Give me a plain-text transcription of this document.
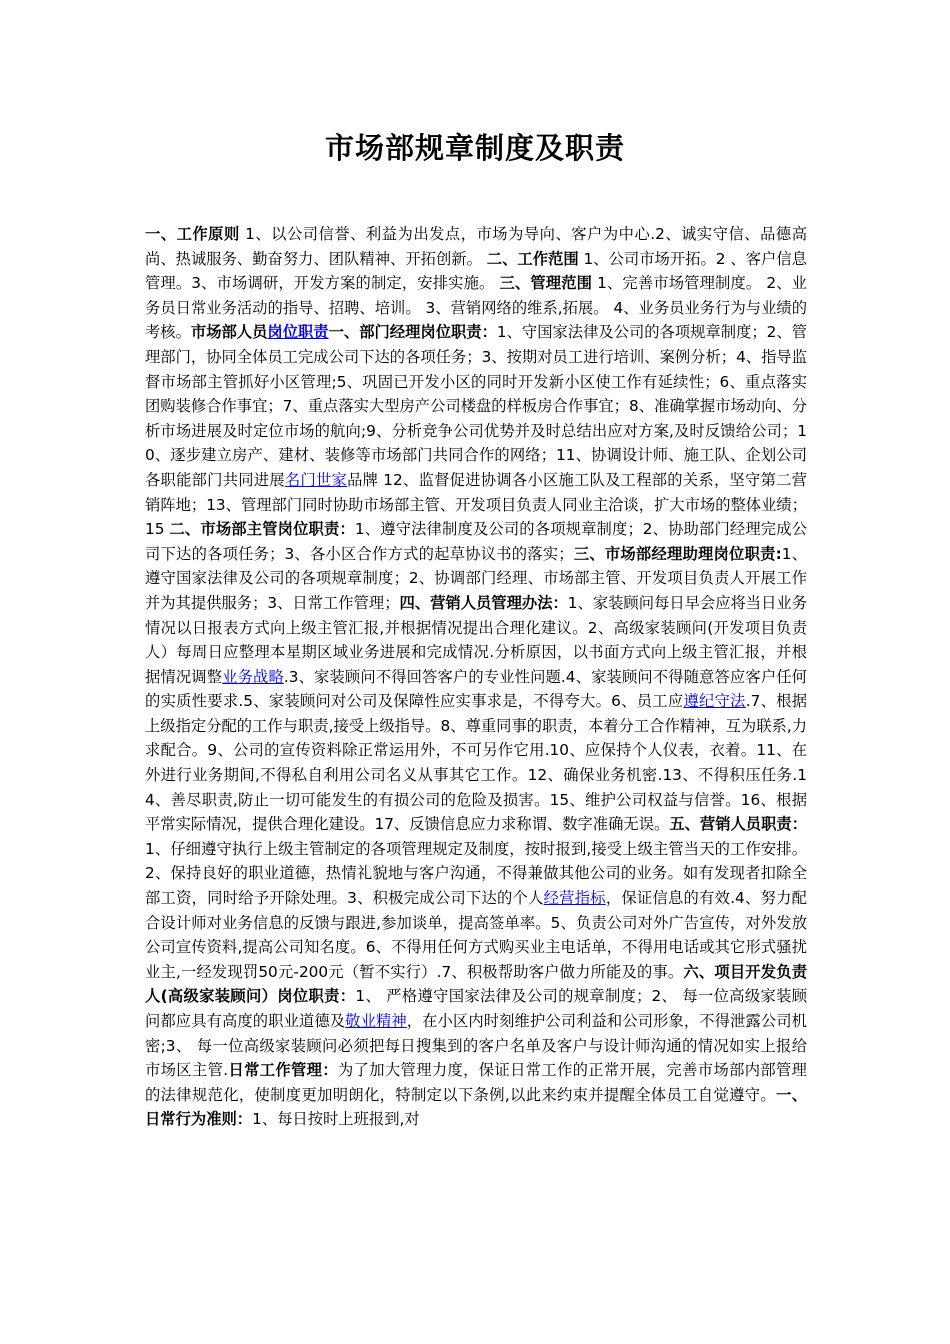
市场部规章制度及职责

一、工作原则 1、以公司信誉、利益为出发点，市场为导向、客户为中心.2、诚实守信、品德高尚、热诚服务、勤奋努力、团队精神、开拓创新。 二、工作范围 1、公司市场开拓。2 、客户信息管理。3、市场调研，开发方案的制定，安排实施。 三、管理范围 1、完善市场管理制度。 2、业务员日常业务活动的指导、招聘、培训。 3、营销网络的维系,拓展。 4、业务员业务行为与业绩的考核。市场部人员岗位职责一、部门经理岗位职责：1、守国家法律及公司的各项规章制度；2、管理部门，协同全体员工完成公司下达的各项任务；3、按期对员工进行培训、案例分析；4、指导监督市场部主管抓好小区管理;5、巩固已开发小区的同时开发新小区使工作有延续性；6、重点落实团购装修合作事宜；7、重点落实大型房产公司楼盘的样板房合作事宜；8、准确掌握市场动向、分析市场进展及时定位市场的航向;9、分析竞争公司优势并及时总结出应对方案,及时反馈给公司；10、逐步建立房产、建材、装修等市场部门共同合作的网络；11、协调设计师、施工队、企划公司各职能部门共同进展名门世家品牌 12、监督促进协调各小区施工队及工程部的关系，坚守第二营销阵地；13、管理部门同时协助市场部主管、开发项目负责人同业主洽谈，扩大市场的整体业绩；15 二、市场部主管岗位职责：1、遵守法律制度及公司的各项规章制度；2、协助部门经理完成公司下达的各项任务；3、各小区合作方式的起草协议书的落实；三、市场部经理助理岗位职责:1、遵守国家法律及公司的各项规章制度；2、协调部门经理、市场部主管、开发项目负责人开展工作并为其提供服务；3、日常工作管理；四、营销人员管理办法：1、家装顾问每日早会应将当日业务情况以日报表方式向上级主管汇报,并根据情况提出合理化建议。2、高级家装顾问(开发项目负责人）每周日应整理本星期区域业务进展和完成情况.分析原因，以书面方式向上级主管汇报，并根据情况调整业务战略.3、家装顾问不得回答客户的专业性问题.4、家装顾问不得随意答应客户任何的实质性要求.5、家装顾问对公司及保障性应实事求是，不得夸大。6、员工应遵纪守法.7、根据上级指定分配的工作与职责,接受上级指导。8、尊重同事的职责，本着分工合作精神，互为联系,力求配合。9、公司的宣传资料除正常运用外，不可另作它用.10、应保持个人仪表，衣着。11、在外进行业务期间,不得私自利用公司名义从事其它工作。12、确保业务机密.13、不得积压任务.14、善尽职责,防止一切可能发生的有损公司的危险及损害。15、维护公司权益与信誉。16、根据平常实际情况，提供合理化建设。17、反馈信息应力求称谓、数字准确无误。五、营销人员职责：1、仔细遵守执行上级主管制定的各项管理规定及制度，按时报到,接受上级主管当天的工作安排。2、保持良好的职业道德，热情礼貌地与客户沟通，不得兼做其他公司的业务。如有发现者扣除全部工资，同时给予开除处理。3、积极完成公司下达的个人经营指标，保证信息的有效.4、努力配合设计师对业务信息的反馈与跟进,参加谈单，提高签单率。5、负责公司对外广告宣传，对外发放公司宣传资料,提高公司知名度。6、不得用任何方式购买业主电话单，不得用电话或其它形式骚扰业主,一经发现罚50元-200元（暂不实行）.7、积极帮助客户做力所能及的事。六、项目开发负责人(高级家装顾问）岗位职责：1、 严格遵守国家法律及公司的规章制度；2、 每一位高级家装顾问都应具有高度的职业道德及敬业精神，在小区内时刻维护公司利益和公司形象，不得泄露公司机密;3、 每一位高级家装顾问必须把每日搜集到的客户名单及客户与设计师沟通的情况如实上报给市场区主管.日常工作管理：为了加大管理力度，保证日常工作的正常开展，完善市场部内部管理的法律规范化，使制度更加明朗化，特制定以下条例,以此来约束并提醒全体员工自觉遵守。一、日常行为准则：1、每日按时上班报到,对
